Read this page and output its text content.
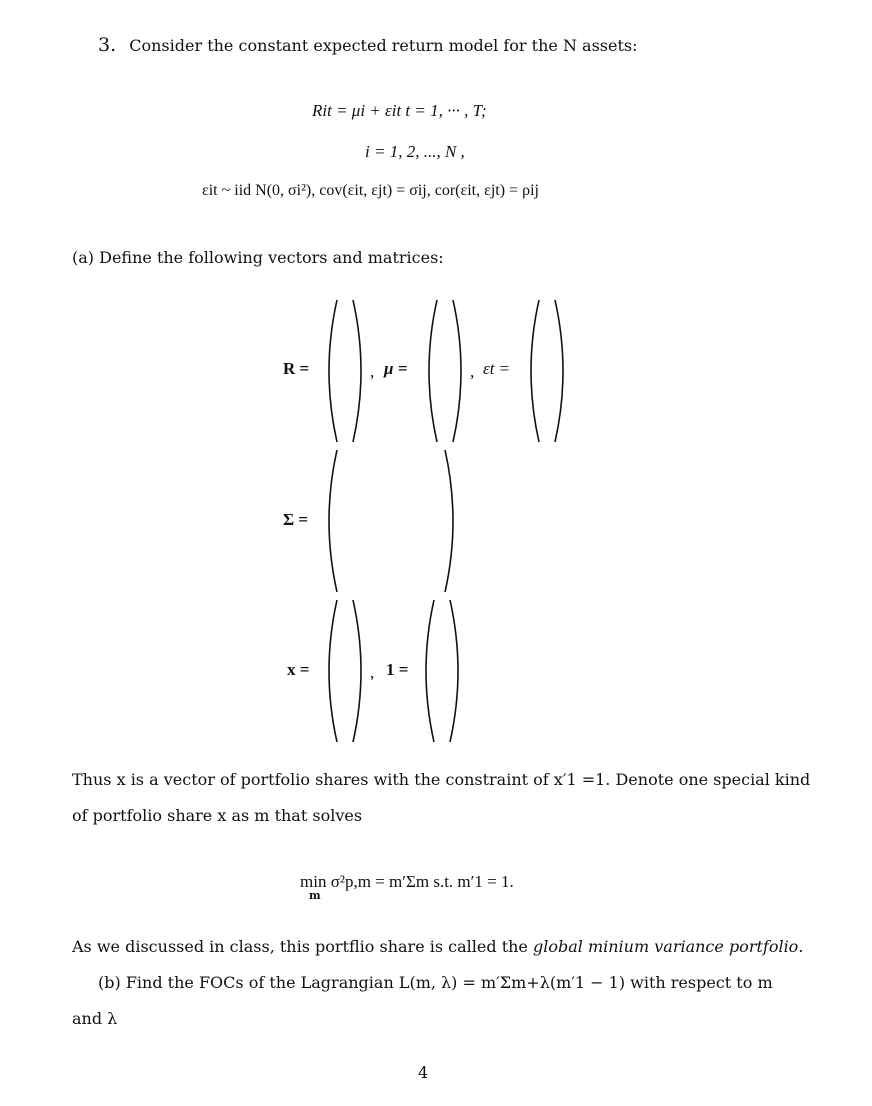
3. Consider the constant expected return model for the N assets:
Rit = μi + εit t = 1, ··· , T;
i = 1, 2, ..., N ,
εit ~ iid N(0, σi²), cov(εit, εjt) = σij, cor(εit, εjt) = ρij
(a) Define the following vectors and matrices:
R =	, μ =	, εt =
Σ =
x =	, 1 =
Thus x is a vector of portfolio shares with the constraint of x′1 =1. Denote one special kind
of portfolio share x as m that solves
min σ²p,m = m′Σm s.t. m′1 = 1.
m
As we discussed in class, this portflio share is called the global minium variance portfolio.
(b) Find the FOCs of the Lagrangian L(m, λ) = m′Σm+λ(m′1 − 1) with respect to m
and λ
4
